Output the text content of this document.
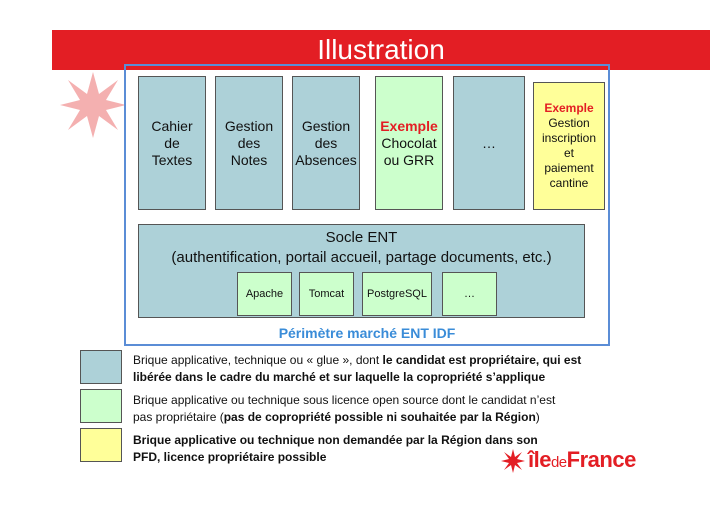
Illustration
Cahier
de
Textes
Gestion
des
Notes
Gestion
des
Absences
Exemple
Chocolat
ou GRR
…
Exemple
Gestion
inscription
et
paiement
cantine
Socle ENT
(authentification, portail accueil, partage documents, etc.)
Apache	Tomcat	PostgreSQL	…
Périmètre marché ENT IDF
Brique applicative, technique ou « glue », dont le candidat est propriétaire, qui est
libérée dans le cadre du marché et sur laquelle la copropriété s’applique
Brique applicative ou technique sous licence open source dont le candidat n’est
pas propriétaire (pas de copropriété possible ni souhaitée par la Région)
Brique applicative ou technique non demandée par la Région dans son
PFD, licence propriétaire possible	îledeFrance
